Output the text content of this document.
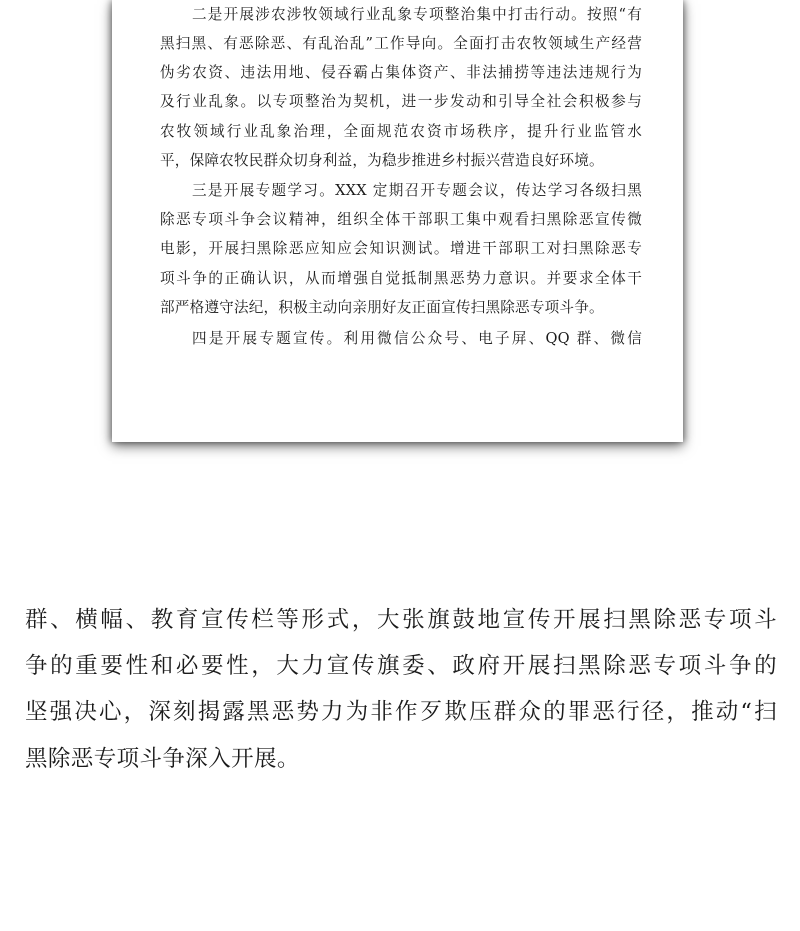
二是开展涉农涉牧领域行业乱象专项整治集中打击行动。按照“有
黑扫黑、有恶除恶、有乱治乱”工作导向。全面打击农牧领域生产经营
伪劣农资、违法用地、侵吞霸占集体资产、非法捕捞等违法违规行为
及行业乱象。以专项整治为契机，进一步发动和引导全社会积极参与
农牧领域行业乱象治理，全面规范农资市场秩序，提升行业监管水
平，保障农牧民群众切身利益，为稳步推进乡村振兴营造良好环境。
三是开展专题学习。XXX 定期召开专题会议，传达学习各级扫黑
除恶专项斗争会议精神，组织全体干部职工集中观看扫黑除恶宣传微
电影，开展扫黑除恶应知应会知识测试。增进干部职工对扫黑除恶专
项斗争的正确认识，从而增强自觉抵制黑恶势力意识。并要求全体干
部严格遵守法纪，积极主动向亲朋好友正面宣传扫黑除恶专项斗争。
四是开展专题宣传。利用微信公众号、电子屏、QQ 群、微信
群、横幅、教育宣传栏等形式，大张旗鼓地宣传开展扫黑除恶专项斗
争的重要性和必要性，大力宣传旗委、政府开展扫黑除恶专项斗争的
坚强决心，深刻揭露黑恶势力为非作歹欺压群众的罪恶行径，推动“扫
黑除恶专项斗争深入开展。
